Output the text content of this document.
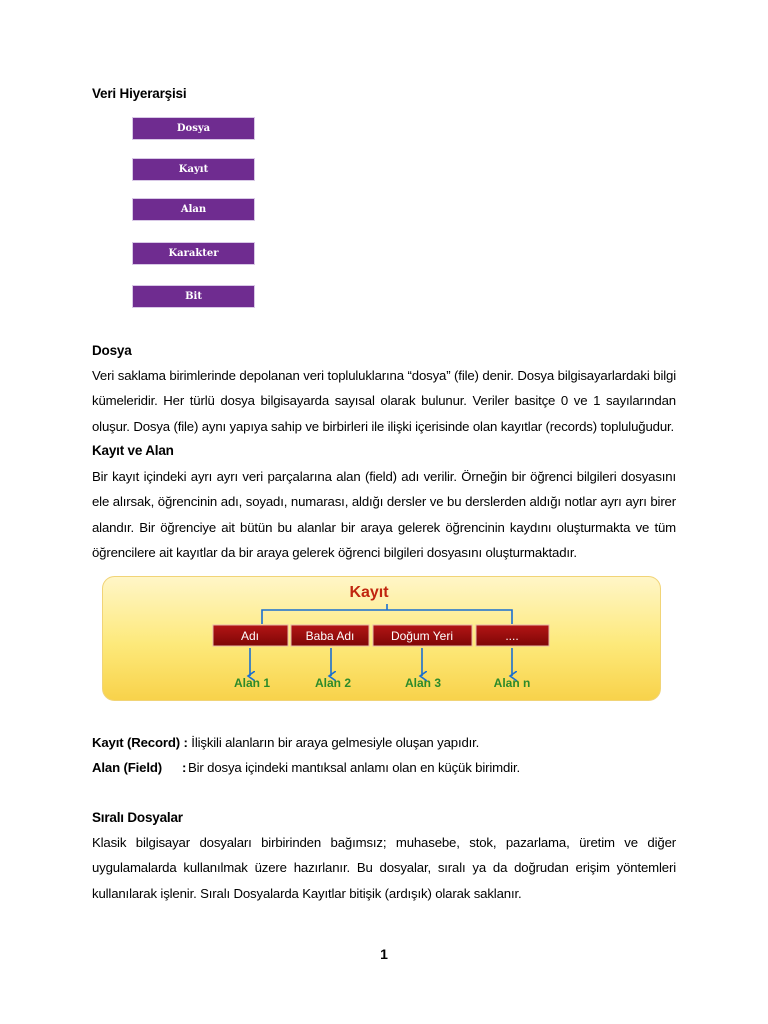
Veri Hiyerarşisi
Dosya
Kayıt
Alan
Karakter
Bit
Dosya
Veri saklama birimlerinde depolanan veri topluluklarına “dosya” (file) denir. Dosya bilgisayarlardaki bilgi
kümeleridir. Her türlü dosya bilgisayarda sayısal olarak bulunur. Veriler basitçe 0 ve 1 sayılarından
oluşur. Dosya (file) aynı yapıya sahip ve birbirleri ile ilişki içerisinde olan kayıtlar (records) topluluğudur.
Kayıt ve Alan
Bir kayıt içindeki ayrı ayrı veri parçalarına alan (field) adı verilir. Örneğin bir öğrenci bilgileri dosyasını
ele alırsak, öğrencinin adı, soyadı, numarası, aldığı dersler ve bu derslerden aldığı notlar ayrı ayrı birer
alandır. Bir öğrenciye ait bütün bu alanlar bir araya gelerek öğrencinin kaydını oluşturmakta ve tüm
öğrencilere ait kayıtlar da bir araya gelerek öğrenci bilgileri dosyasını oluşturmaktadır.
Kayıt
Adı	Baba Adı	Doğum Yeri	....
Alan 1	Alan 2	Alan 3	Alan n
Kayıt (Record) : İlişkili alanların bir araya gelmesiyle oluşan yapıdır.
Alan (Field) : Bir dosya içindeki mantıksal anlamı olan en küçük birimdir.
Sıralı Dosyalar
Klasik bilgisayar dosyaları birbirinden bağımsız; muhasebe, stok, pazarlama, üretim ve diğer
uygulamalarda kullanılmak üzere hazırlanır. Bu dosyalar, sıralı ya da doğrudan erişim yöntemleri
kullanılarak işlenir. Sıralı Dosyalarda Kayıtlar bitişik (ardışık) olarak saklanır.
1
